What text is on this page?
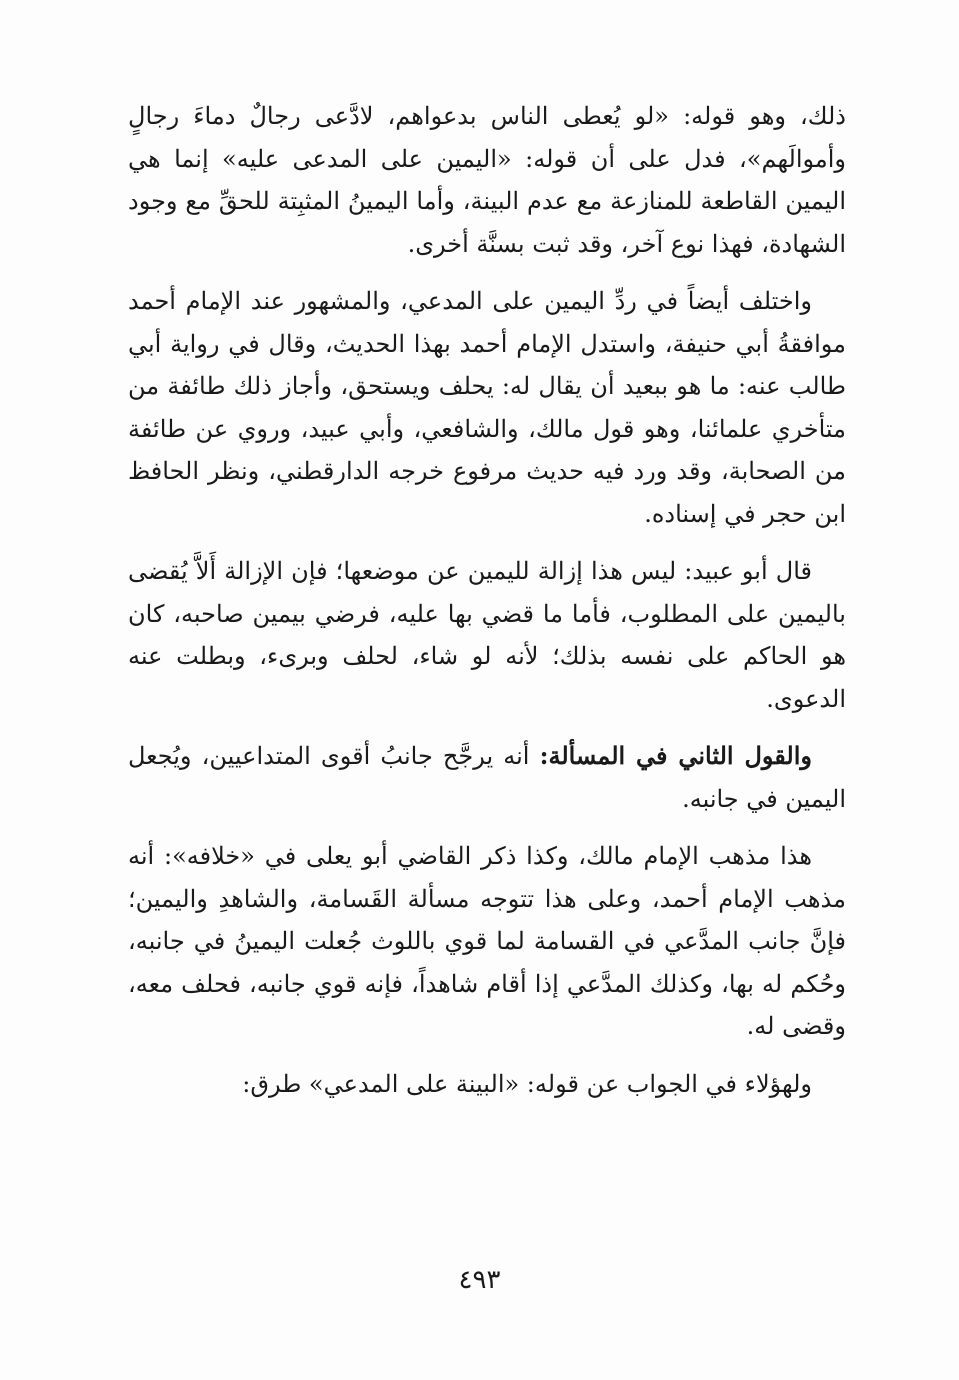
ذلك، وهو قوله: «لو يُعطى الناس بدعواهم، لادَّعى رجالٌ دماءَ رجالٍ وأموالَهم»، فدل على أن قوله: «اليمين على المدعى عليه» إنما هي اليمين القاطعة للمنازعة مع عدم البينة، وأما اليمينُ المثبِتة للحقِّ مع وجود الشهادة، فهذا نوع آخر، وقد ثبت بسنَّة أخرى.

واختلف أيضاً في ردِّ اليمين على المدعي، والمشهور عند الإمام أحمد موافقةُ أبي حنيفة، واستدل الإمام أحمد بهذا الحديث، وقال في رواية أبي طالب عنه: ما هو ببعيد أن يقال له: يحلف ويستحق، وأجاز ذلك طائفة من متأخري علمائنا، وهو قول مالك، والشافعي، وأبي عبيد، وروي عن طائفة من الصحابة، وقد ورد فيه حديث مرفوع خرجه الدارقطني، ونظر الحافظ ابن حجر في إسناده.

قال أبو عبيد: ليس هذا إزالة لليمين عن موضعها؛ فإن الإزالة أَلاَّ يُقضى باليمين على المطلوب، فأما ما قضي بها عليه، فرضي بيمين صاحبه، كان هو الحاكم على نفسه بذلك؛ لأنه لو شاء، لحلف وبرىء، وبطلت عنه الدعوى.

والقول الثاني في المسألة: أنه يرجَّح جانبُ أقوى المتداعيين، ويُجعل اليمين في جانبه.

هذا مذهب الإمام مالك، وكذا ذكر القاضي أبو يعلى في «خلافه»: أنه مذهب الإمام أحمد، وعلى هذا تتوجه مسألة القَسامة، والشاهدِ واليمين؛ فإنَّ جانب المدَّعي في القسامة لما قوي باللوث جُعلت اليمينُ في جانبه، وحُكم له بها، وكذلك المدَّعي إذا أقام شاهداً، فإنه قوي جانبه، فحلف معه، وقضى له.

ولهؤلاء في الجواب عن قوله: «البينة على المدعي» طرق:

٤٩٣
